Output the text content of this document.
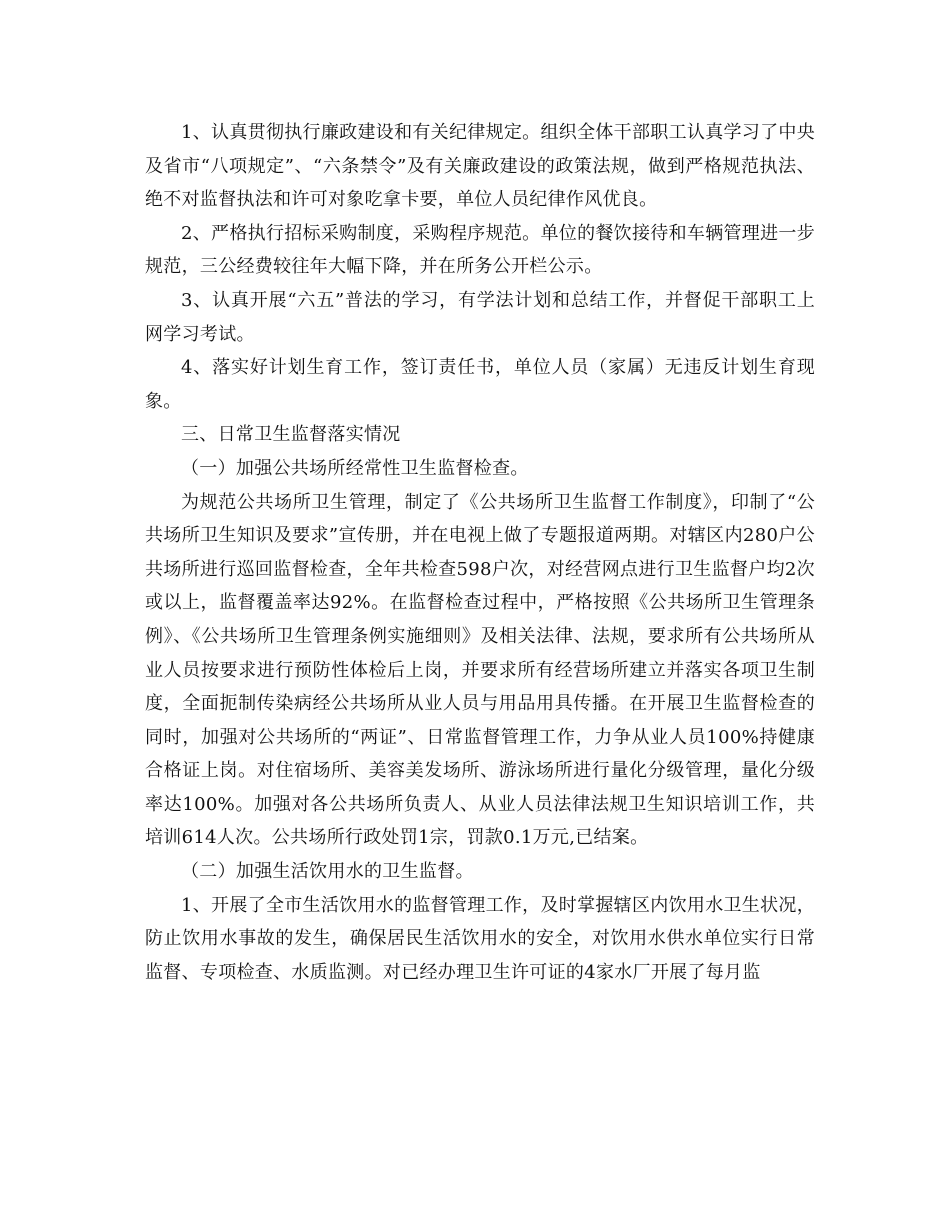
1、认真贯彻执行廉政建设和有关纪律规定。组织全体干部职工认真学习了中央及省市“八项规定”、“六条禁令”及有关廉政建设的政策法规，做到严格规范执法、绝不对监督执法和许可对象吃拿卡要，单位人员纪律作风优良。

2、严格执行招标采购制度，采购程序规范。单位的餐饮接待和车辆管理进一步规范，三公经费较往年大幅下降，并在所务公开栏公示。

3、认真开展“六五”普法的学习，有学法计划和总结工作，并督促干部职工上网学习考试。

4、落实好计划生育工作，签订责任书，单位人员（家属）无违反计划生育现象。

三、日常卫生监督落实情况

（一）加强公共场所经常性卫生监督检查。

为规范公共场所卫生管理，制定了《公共场所卫生监督工作制度》，印制了“公共场所卫生知识及要求”宣传册，并在电视上做了专题报道两期。对辖区内280户公共场所进行巡回监督检查，全年共检查598户次，对经营网点进行卫生监督户均2次或以上，监督覆盖率达92%。在监督检查过程中，严格按照《公共场所卫生管理条例》、《公共场所卫生管理条例实施细则》及相关法律、法规，要求所有公共场所从业人员按要求进行预防性体检后上岗，并要求所有经营场所建立并落实各项卫生制度，全面扼制传染病经公共场所从业人员与用品用具传播。在开展卫生监督检查的同时，加强对公共场所的“两证”、日常监督管理工作，力争从业人员100%持健康合格证上岗。对住宿场所、美容美发场所、游泳场所进行量化分级管理，量化分级率达100%。加强对各公共场所负责人、从业人员法律法规卫生知识培训工作，共培训614人次。公共场所行政处罚1宗，罚款0.1万元,已结案。

（二）加强生活饮用水的卫生监督。

1、开展了全市生活饮用水的监督管理工作，及时掌握辖区内饮用水卫生状况，防止饮用水事故的发生，确保居民生活饮用水的安全，对饮用水供水单位实行日常监督、专项检查、水质监测。对已经办理卫生许可证的4家水厂开展了每月监
